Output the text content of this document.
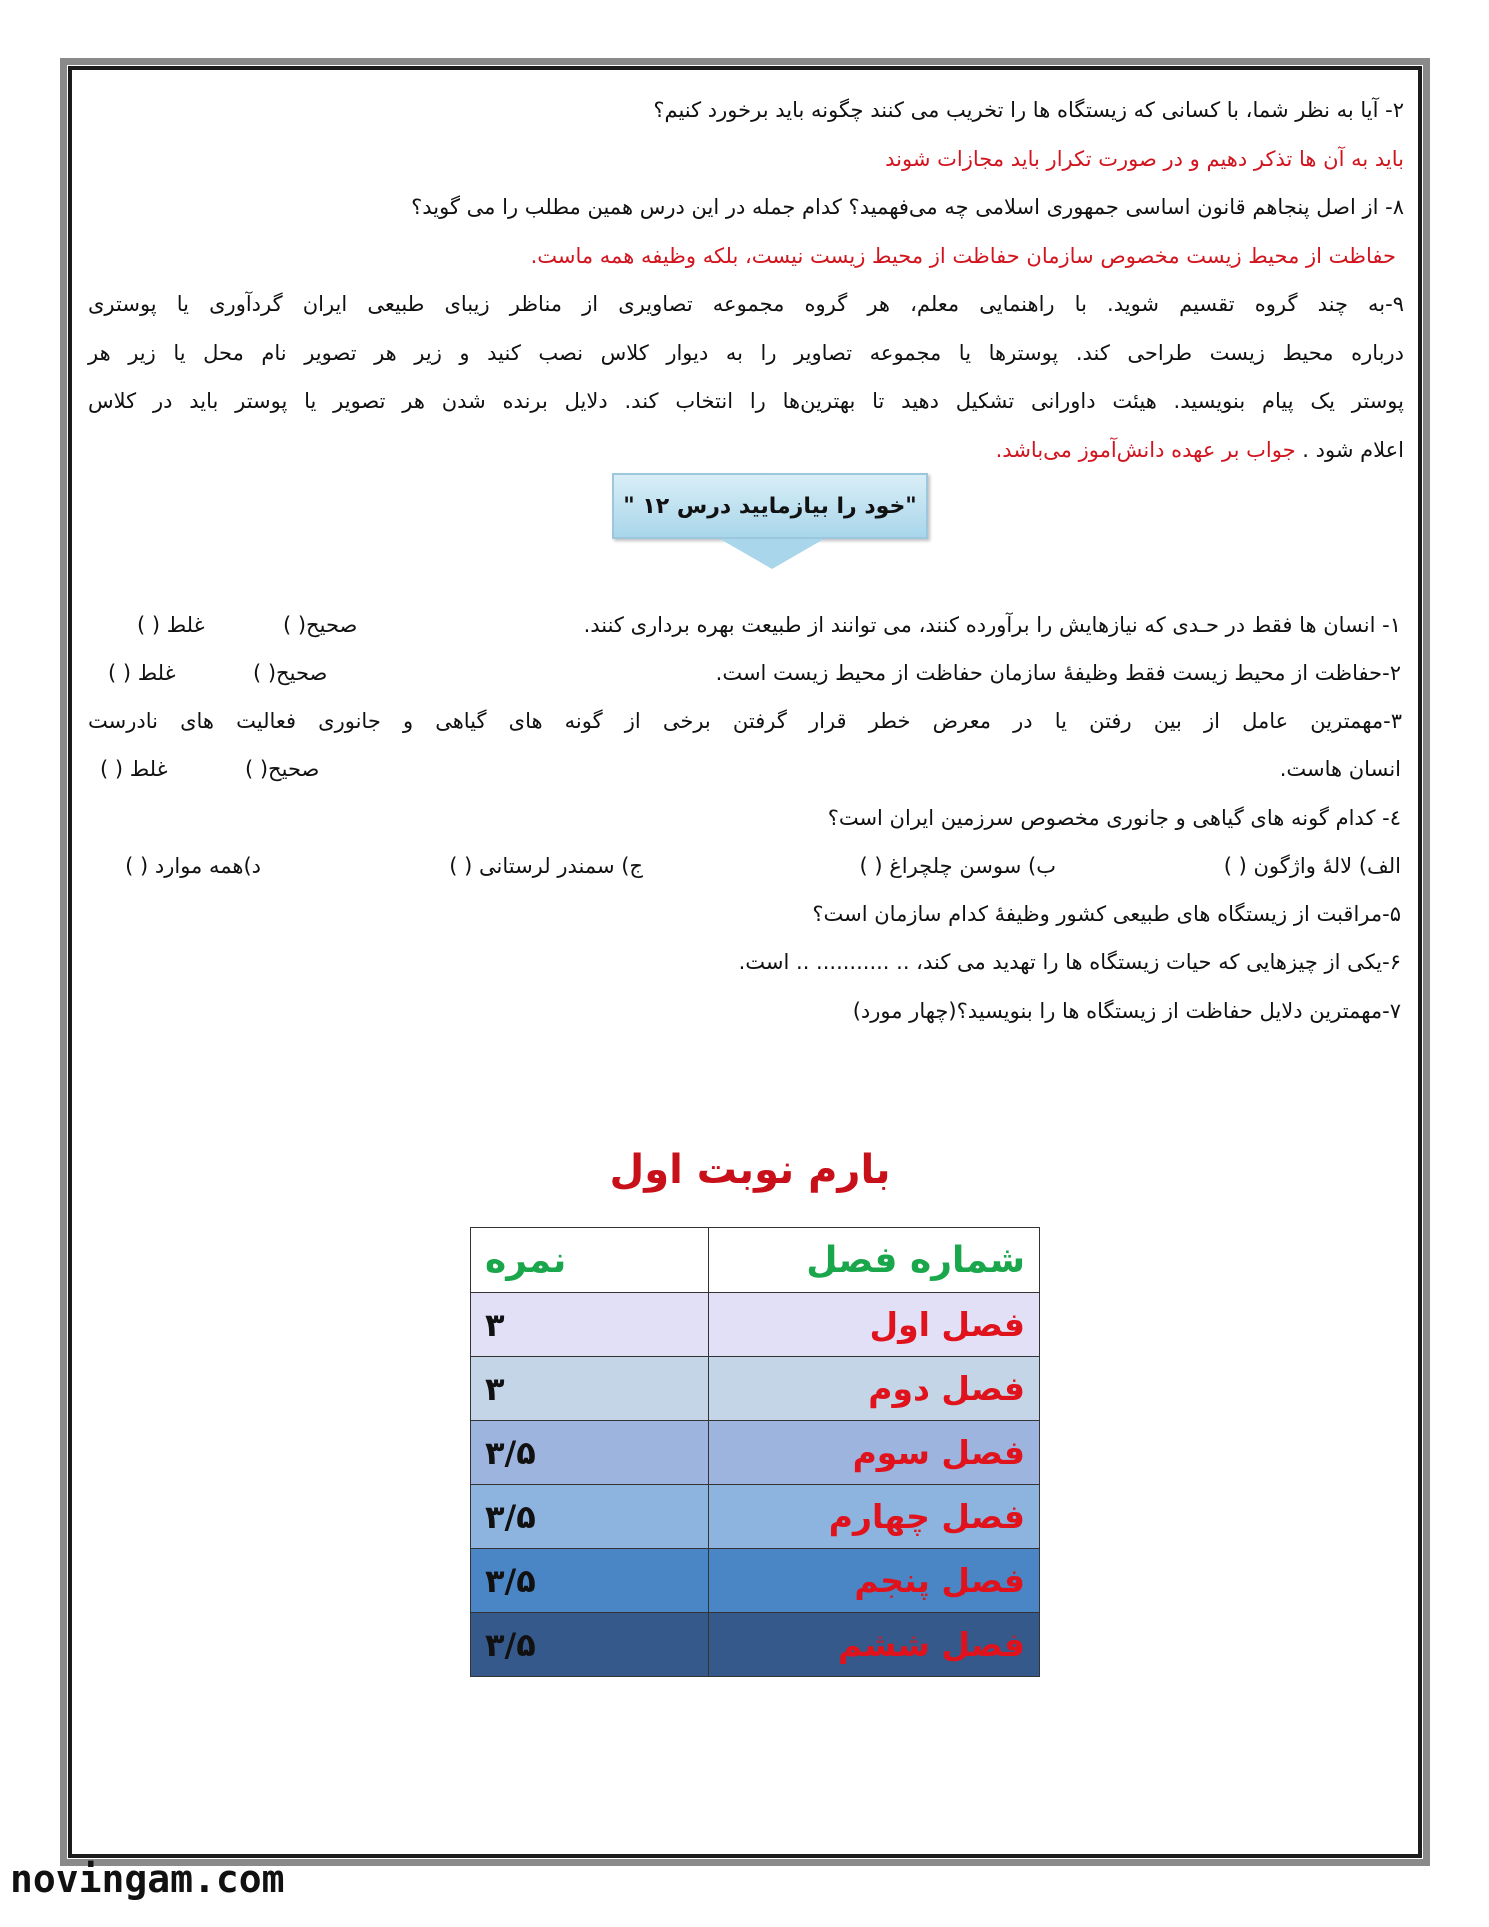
۲- آیا به نظر شما، با کسانی که زیستگاه ها را تخریب می کنند چگونه باید برخورد کنیم؟
باید به آن ها تذکر دهیم و در صورت تکرار باید مجازات شوند
۸- از اصل پنجاهم قانون اساسی جمهوری اسلامی چه می‌فهمید؟ کدام جمله در این درس همین مطلب را می گوید؟
حفاظت از محیط زیست مخصوص سازمان حفاظت از محیط زیست نیست، بلکه وظیفه همه ماست.
۹-به چند گروه تقسیم شوید. با راهنمایی معلم، هر گروه مجموعه تصاویری از مناظر زیبای طبیعی ایران گردآوری یا پوستری
درباره محیط زیست طراحی کند. پوسترها یا مجموعه تصاویر را به دیوار کلاس نصب کنید و زیر هر تصویر نام محل یا زیر هر
پوستر یک پیام بنویسید. هیئت داورانی تشکیل دهید تا بهترین‌ها را انتخاب کند. دلایل برنده شدن هر تصویر یا پوستر باید در کلاس
اعلام شود . جواب بر عهده دانش‌آموز می‌باشد.
"خود را بیازمایید درس ۱۲ "
۱- انسان ها فقط در حـدی که نیازهایش را برآورده کنند، می توانند از طبیعت بهره برداری کنند.
صحیح( )
غلط ( )
۲-حفاظت از محیط زیست فقط وظیفهٔ سازمان حفاظت از محیط زیست است.
صحیح( )
غلط ( )
۳-مهمترین عامل از بین رفتن یا در معرض خطر قرار گرفتن برخی از گونه های گیاهی و جانوری فعالیت های نادرست
انسان هاست.
صحیح( )
غلط ( )
٤- کدام گونه های گیاهی و جانوری مخصوص سرزمین ایران است؟
الف) لالهٔ واژگون ( )
ب) سوسن چلچراغ ( )
ج) سمندر لرستانی ( )
د)همه موارد ( )
۵-مراقبت از زیستگاه های طبیعی کشور وظیفهٔ کدام سازمان است؟
۶-یکی از چیزهایی که حیات زیستگاه ها را تهدید می کند، .. ........... .. است.
۷-مهمترین دلایل حفاظت از زیستگاه ها را بنویسید؟(چهار مورد)
بارم نوبت اول
شماره فصل	نمره
فصل اول	۳
فصل دوم	۳
فصل سوم	۳/۵
فصل چهارم	۳/۵
فصل پنجم	۳/۵
فصل ششم	۳/۵
novingam.com
